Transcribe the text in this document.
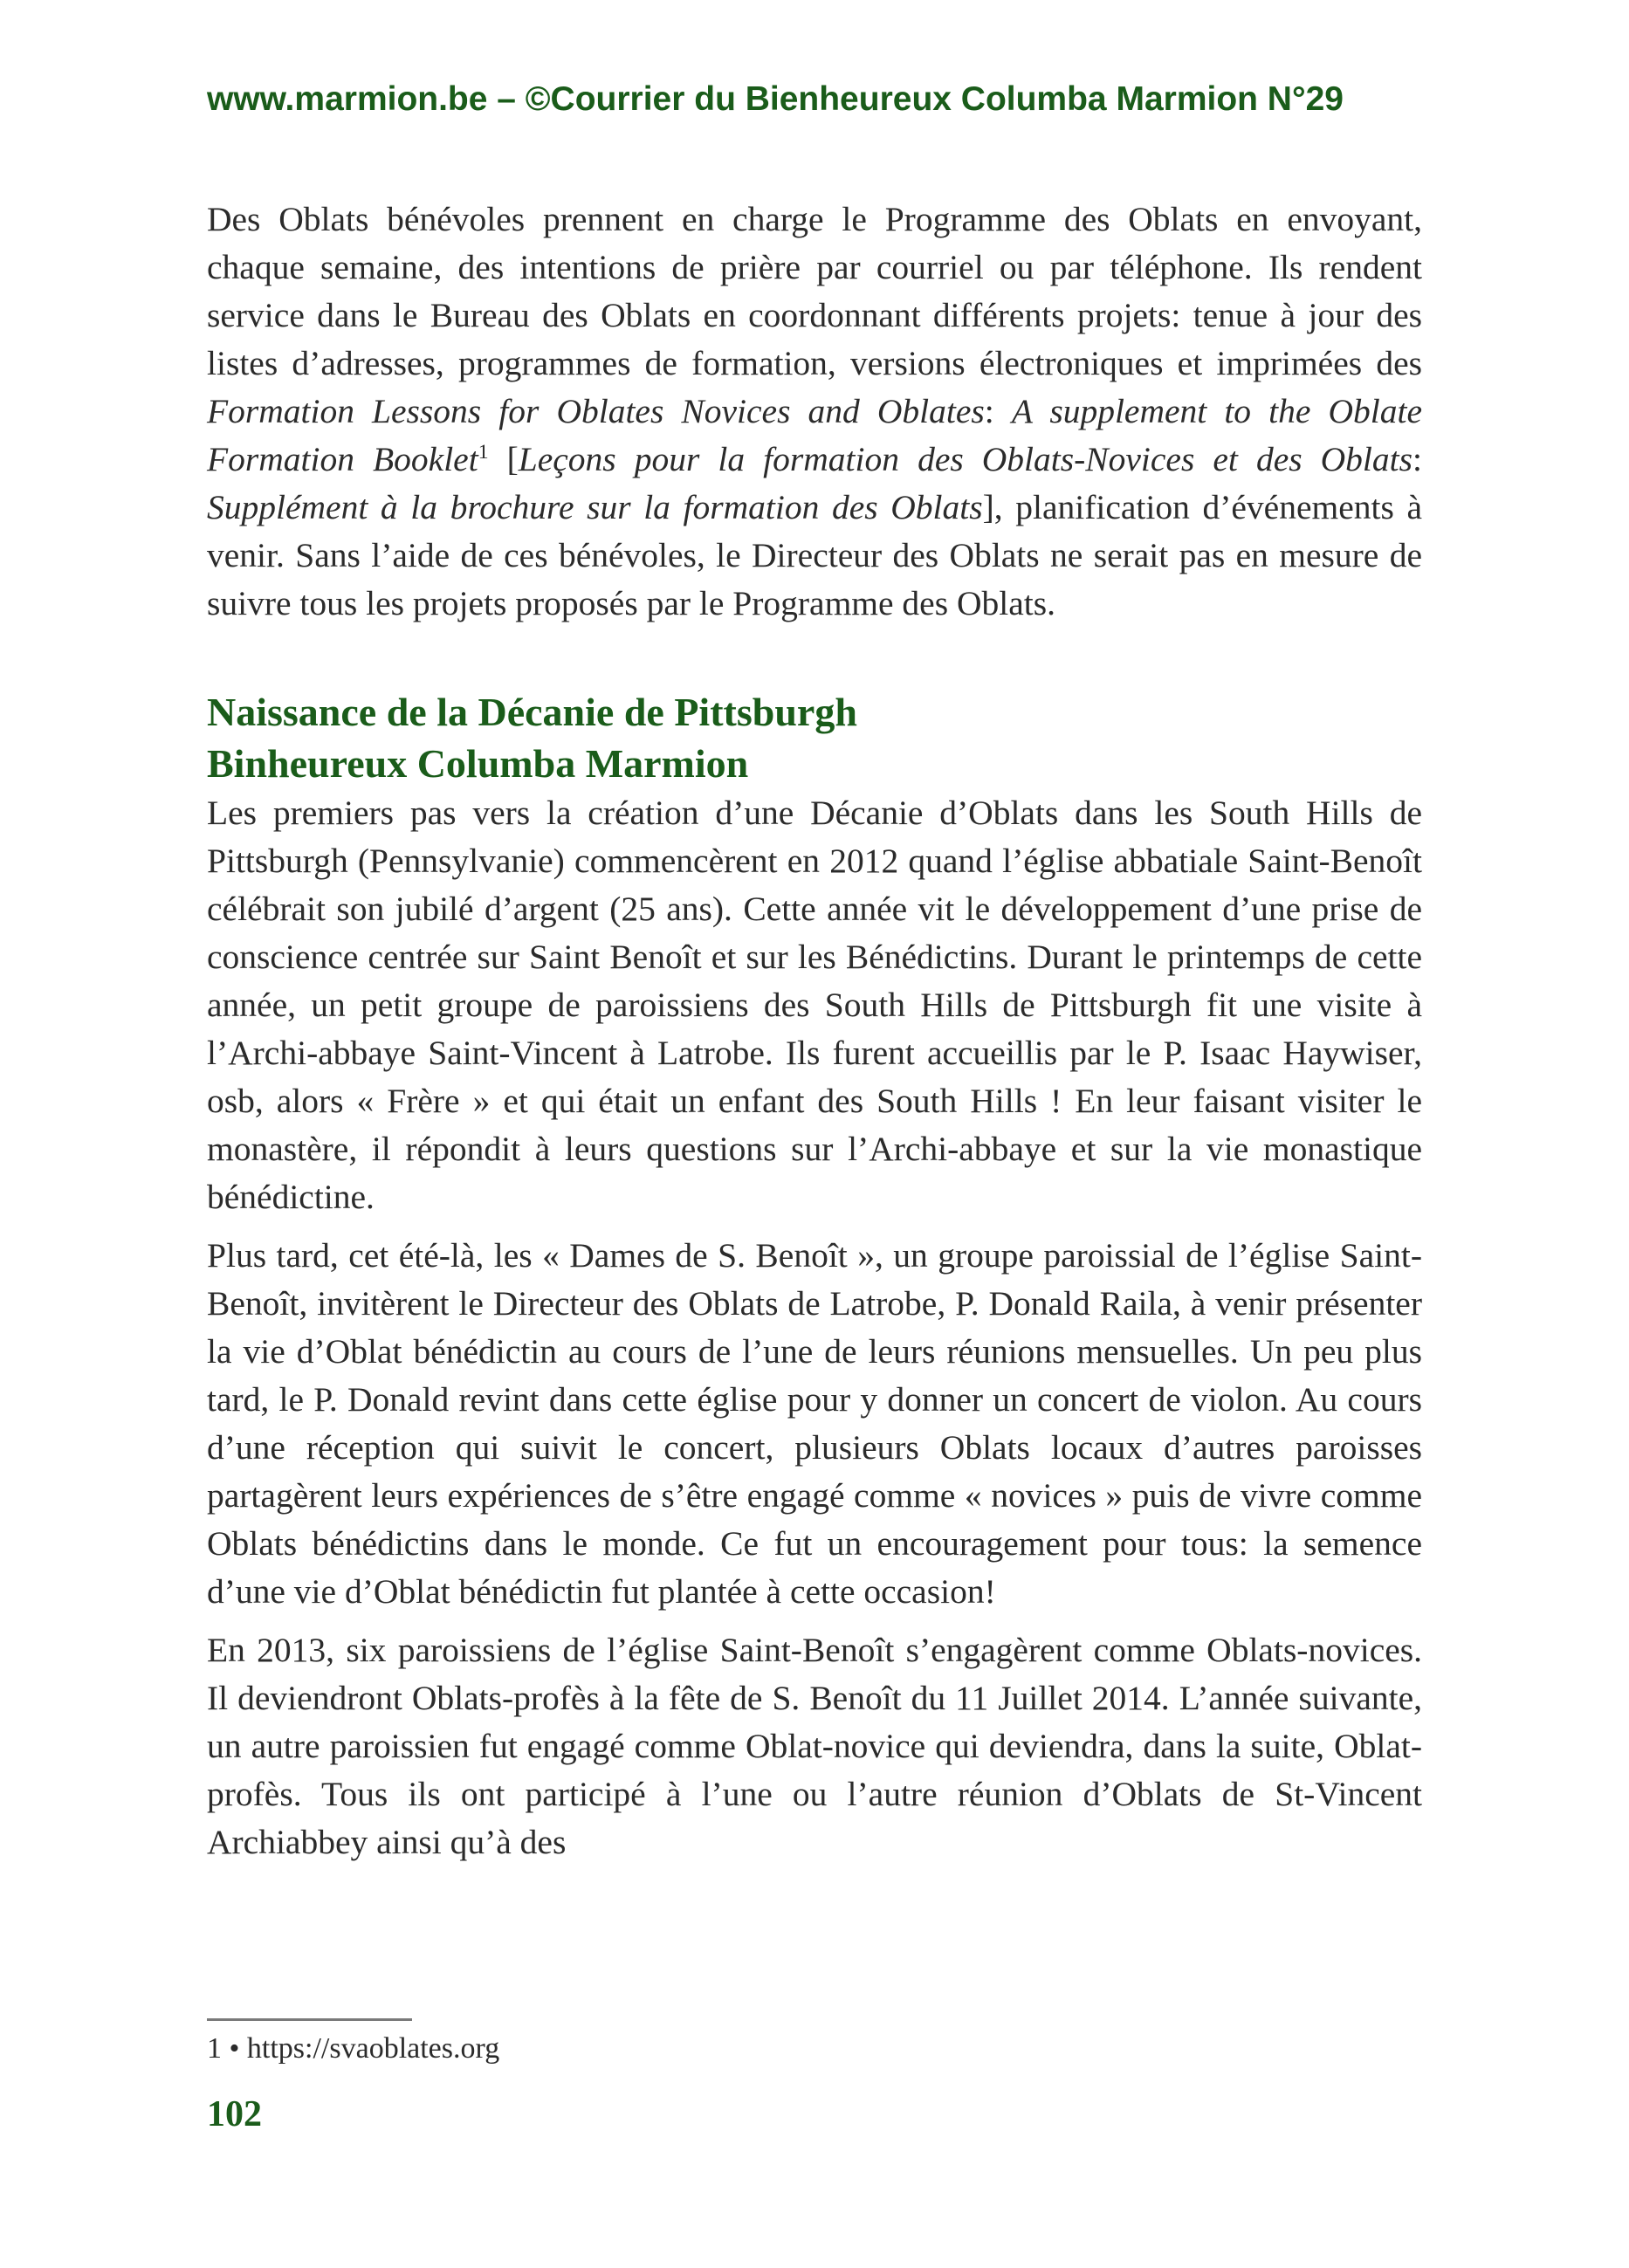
www.marmion.be – ©Courrier du Bienheureux Columba Marmion N°29

Des Oblats bénévoles prennent en charge le Programme des Oblats en envoyant, chaque semaine, des intentions de prière par courriel ou par téléphone. Ils rendent service dans le Bureau des Oblats en coordonnant différents projets: tenue à jour des listes d’adresses, programmes de formation, versions électroniques et imprimées des Formation Lessons for Oblates Novices and Oblates: A supplement to the Oblate Formation Booklet$^1$ [Leçons pour la formation des Oblats-Novices et des Oblats: Supplément à la brochure sur la formation des Oblats], planification d’événements à venir. Sans l’aide de ces bénévoles, le Directeur des Oblats ne serait pas en mesure de suivre tous les projets proposés par le Programme des Oblats.

Naissance de la Décanie de Pittsburgh
Binheureux Columba Marmion

Les premiers pas vers la création d’une Décanie d’Oblats dans les South Hills de Pittsburgh (Pennsylvanie) commencèrent en 2012 quand l’église abbatiale Saint-Benoît célébrait son jubilé d’argent (25 ans). Cette année vit le développement d’une prise de conscience centrée sur Saint Benoît et sur les Bénédictins. Durant le printemps de cette année, un petit groupe de paroissiens des South Hills de Pittsburgh fit une visite à l’Archi-abbaye Saint-Vincent à Latrobe. Ils furent accueillis par le P. Isaac Haywiser, osb, alors « Frère » et qui était un enfant des South Hills ! En leur faisant visiter le monastère, il répondit à leurs questions sur l’Archi-abbaye et sur la vie monastique bénédictine.

Plus tard, cet été-là, les « Dames de S. Benoît », un groupe paroissial de l’église Saint-Benoît, invitèrent le Directeur des Oblats de Latrobe, P. Donald Raila, à venir présenter la vie d’Oblat bénédictin au cours de l’une de leurs réunions mensuelles. Un peu plus tard, le P. Donald revint dans cette église pour y donner un concert de violon. Au cours d’une réception qui suivit le concert, plusieurs Oblats locaux d’autres paroisses partagèrent leurs expériences de s’être engagé comme « novices » puis de vivre comme Oblats bénédictins dans le monde. Ce fut un encouragement pour tous: la semence d’une vie d’Oblat bénédictin fut plantée à cette occasion!

En 2013, six paroissiens de l’église Saint-Benoît s’engagèrent comme Oblats-novices. Il deviendront Oblats-profès à la fête de S. Benoît du 11 Juillet 2014. L’année suivante, un autre paroissien fut engagé comme Oblat-novice qui deviendra, dans la suite, Oblat-profès. Tous ils ont participé à l’une ou l’autre réunion d’Oblats de St-Vincent Archiabbey ainsi qu’à des

1 • https://svaoblates.org
102
